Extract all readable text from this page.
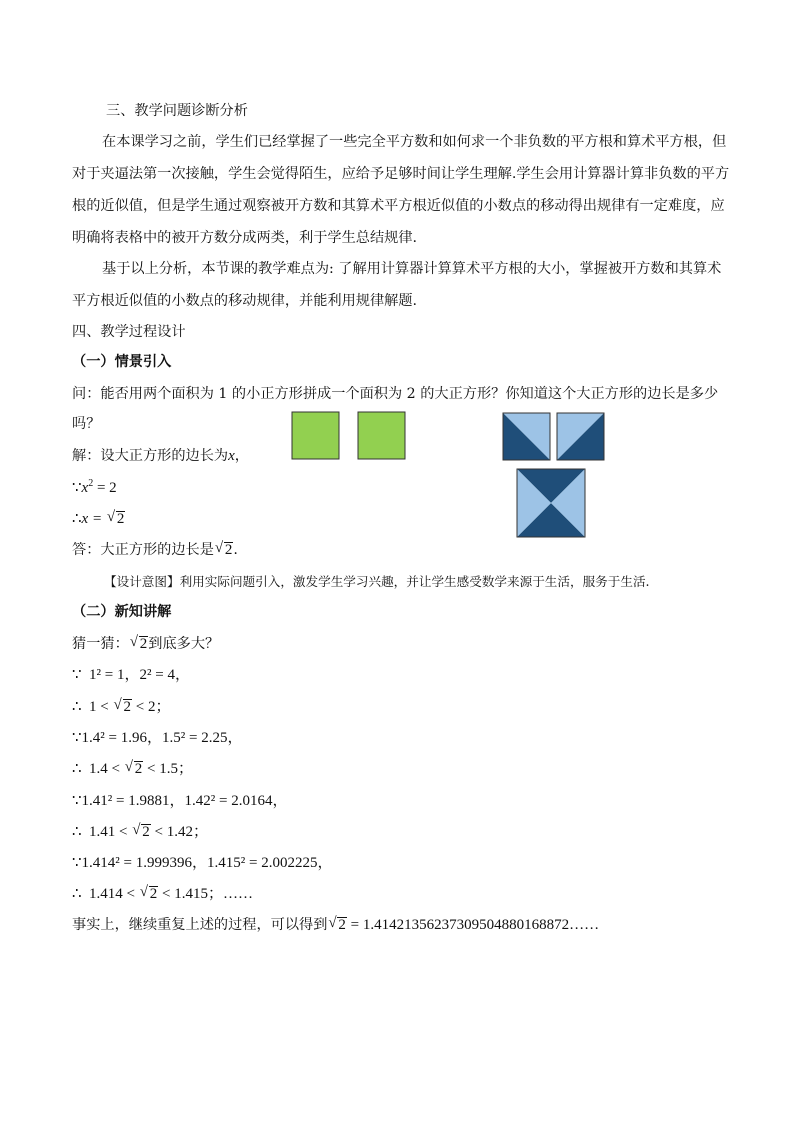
三、教学问题诊断分析
在本课学习之前，学生们已经掌握了一些完全平方数和如何求一个非负数的平方根和算术平方根，但
对于夹逼法第一次接触，学生会觉得陌生，应给予足够时间让学生理解.学生会用计算器计算非负数的平方
根的近似值，但是学生通过观察被开方数和其算术平方根近似值的小数点的移动得出规律有一定难度，应
明确将表格中的被开方数分成两类，利于学生总结规律.
基于以上分析，本节课的教学难点为: 了解用计算器计算算术平方根的大小，掌握被开方数和其算术
平方根近似值的小数点的移动规律，并能利用规律解题.
四、教学过程设计
（一）情景引入
问：能否用两个面积为 1 的小正方形拼成一个面积为 2 的大正方形？你知道这个大正方形的边长是多少
吗？
解：设大正方形的边长为x，
$\because x^2 = 2$
∴x = √ 2
答：大正方形的边长是 √ 2.
【设计意图】利用实际问题引入，激发学生学习兴趣，并让学生感受数学来源于生活，服务于生活.
（二）新知讲解
猜一猜： √ 2到底多大？
∵ 1² = 1，2² = 4，
∴ 1 < √ 2 < 2；
∵1.4² = 1.96，1.5² = 2.25，
∴ 1.4 < √ 2 < 1.5；
∵1.41² = 1.9881，1.42² = 2.0164，
∴ 1.41 < √ 2 < 1.42；
∵1.414² = 1.999396，1.415² = 2.002225，
∴ 1.414 < √ 2 < 1.415；……
事实上，继续重复上述的过程，可以得到 √ 2 = 1.41421356237309504880168872……
